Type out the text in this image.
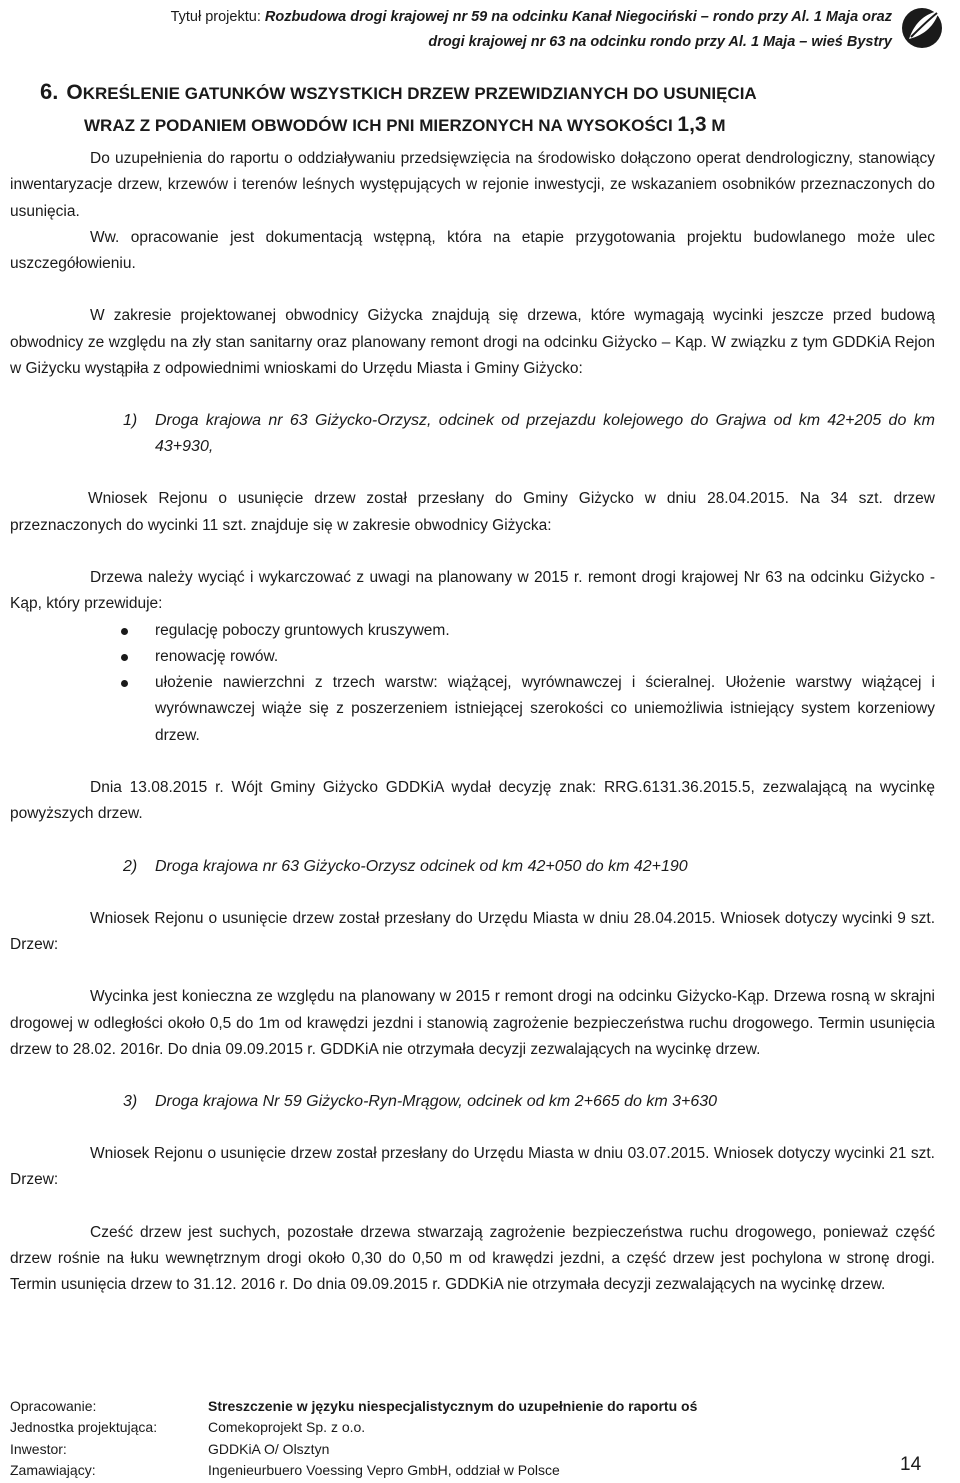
Tytuł projektu: Rozbudowa drogi krajowej nr 59 na odcinku Kanał Niegociński – rondo przy Al. 1 Maja oraz
drogi krajowej nr 63 na odcinku rondo przy Al. 1 Maja – wieś Bystry
6. OKREŚLENIE GATUNKÓW WSZYSTKICH DRZEW PRZEWIDZIANYCH DO USUNIĘCIA
WRAZ Z PODANIEM OBWODÓW ICH PNI MIERZONYCH NA WYSOKOŚCI 1,3 M

Do uzupełnienia do raportu o oddziaływaniu przedsięwzięcia na środowisko dołączono operat dendrologiczny, stanowiący inwentaryzacje drzew, krzewów i terenów leśnych występujących w rejonie inwestycji, ze wskazaniem osobników przeznaczonych do usunięcia.

Ww. opracowanie jest dokumentacją wstępną, która na etapie przygotowania projektu budowlanego może ulec uszczegółowieniu.

W zakresie projektowanej obwodnicy Giżycka znajdują się drzewa, które wymagają wycinki jeszcze przed budową obwodnicy ze względu na zły stan sanitarny oraz planowany remont drogi na odcinku Giżycko – Kąp. W związku z tym GDDKiA Rejon w Giżycku wystąpiła z odpowiednimi wnioskami do Urzędu Miasta i Gminy Giżycko:

1) Droga krajowa nr 63 Giżycko-Orzysz, odcinek od przejazdu kolejowego do Grajwa od km 42+205 do km 43+930,

Wniosek Rejonu o usunięcie drzew został przesłany do Gminy Giżycko w dniu 28.04.2015. Na 34 szt. drzew przeznaczonych do wycinki 11 szt. znajduje się w zakresie obwodnicy Giżycka:

Drzewa należy wyciąć i wykarczować z uwagi na planowany w 2015 r. remont drogi krajowej Nr 63 na odcinku Giżycko - Kąp, który przewiduje:

regulację poboczy gruntowych kruszywem.
renowację rowów.
ułożenie nawierzchni z trzech warstw: wiążącej, wyrównawczej i ścieralnej. Ułożenie warstwy wiążącej i wyrównawczej wiąże się z poszerzeniem istniejącej szerokości co uniemożliwia istniejący system korzeniowy drzew.

Dnia 13.08.2015 r. Wójt Gminy Giżycko GDDKiA wydał decyzję znak: RRG.6131.36.2015.5, zezwalającą na wycinkę powyższych drzew.

2) Droga krajowa nr 63 Giżycko-Orzysz odcinek od km 42+050 do km 42+190

Wniosek Rejonu o usunięcie drzew został przesłany do Urzędu Miasta w dniu 28.04.2015. Wniosek dotyczy wycinki 9 szt. Drzew:

Wycinka jest konieczna ze względu na planowany w 2015 r remont drogi na odcinku Giżycko-Kąp. Drzewa rosną w skrajni drogowej w odległości około 0,5 do 1m od krawędzi jezdni i stanowią zagrożenie bezpieczeństwa ruchu drogowego. Termin usunięcia drzew to 28.02. 2016r. Do dnia 09.09.2015 r. GDDKiA nie otrzymała decyzji zezwalających na wycinkę drzew.

3) Droga krajowa Nr 59 Giżycko-Ryn-Mrągow, odcinek od km 2+665 do km 3+630

Wniosek Rejonu o usunięcie drzew został przesłany do Urzędu Miasta w dniu 03.07.2015. Wniosek dotyczy wycinki 21 szt. Drzew:

Cześć drzew jest suchych, pozostałe drzewa stwarzają zagrożenie bezpieczeństwa ruchu drogowego, ponieważ część drzew rośnie na łuku wewnętrznym drogi około 0,30 do 0,50 m od krawędzi jezdni, a część drzew jest pochylona w stronę drogi. Termin usunięcia drzew to 31.12. 2016 r. Do dnia 09.09.2015 r. GDDKiA nie otrzymała decyzji zezwalających na wycinkę drzew.

Opracowanie:	Streszczenie w języku niespecjalistycznym do uzupełnienie do raportu oś
Jednostka projektująca:	Comekoprojekt Sp. z o.o.
Inwestor:	GDDKiA O/ Olsztyn
Zamawiający:	Ingenieurbuero Voessing Vepro GmbH, oddział w Polsce	14
